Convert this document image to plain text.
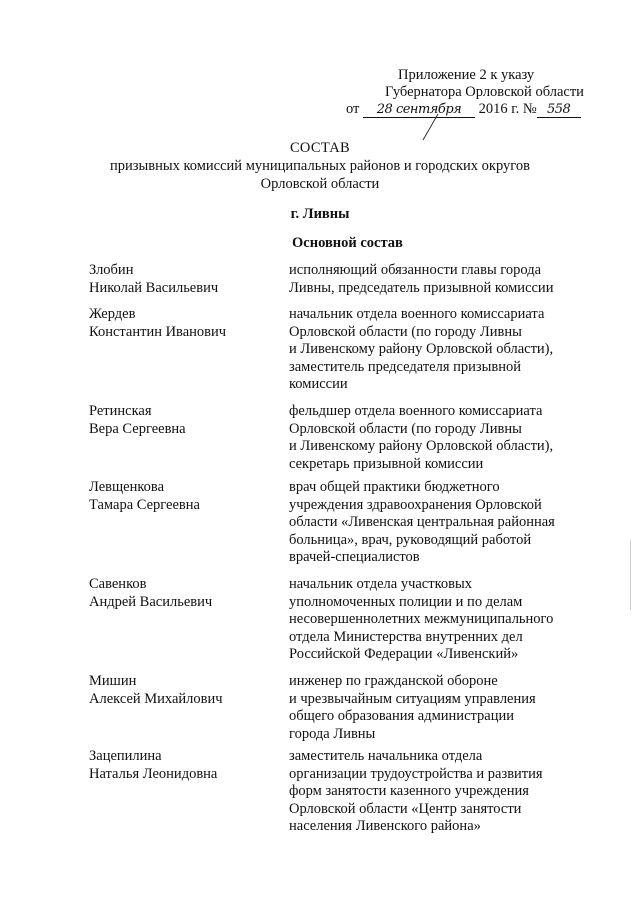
Приложение 2 к указу
Губернатора Орловской области
от 28 сентября 2016 г. № 558
СОСТАВ
призывных комиссий муниципальных районов и городских округов
Орловской области
г. Ливны
Основной состав
Злобин
Николай Васильевич
исполняющий обязанности главы города
Ливны, председатель призывной комиссии
Жердев
Константин Иванович
начальник отдела военного комиссариата
Орловской области (по городу Ливны
и Ливенскому району Орловской области),
заместитель председателя призывной
комиссии
Ретинская
Вера Сергеевна
фельдшер отдела военного комиссариата
Орловской области (по городу Ливны
и Ливенскому району Орловской области),
секретарь призывной комиссии
Левщенкова
Тамара Сергеевна
врач общей практики бюджетного
учреждения здравоохранения Орловской
области «Ливенская центральная районная
больница», врач, руководящий работой
врачей-специалистов
Савенков
Андрей Васильевич
начальник отдела участковых
уполномоченных полиции и по делам
несовершеннолетних межмуниципального
отдела Министерства внутренних дел
Российской Федерации «Ливенский»
Мишин
Алексей Михайлович
инженер по гражданской обороне
и чрезвычайным ситуациям управления
общего образования администрации
города Ливны
Зацепилина
Наталья Леонидовна
заместитель начальника отдела
организации трудоустройства и развития
форм занятости казенного учреждения
Орловской области «Центр занятости
населения Ливенского района»
